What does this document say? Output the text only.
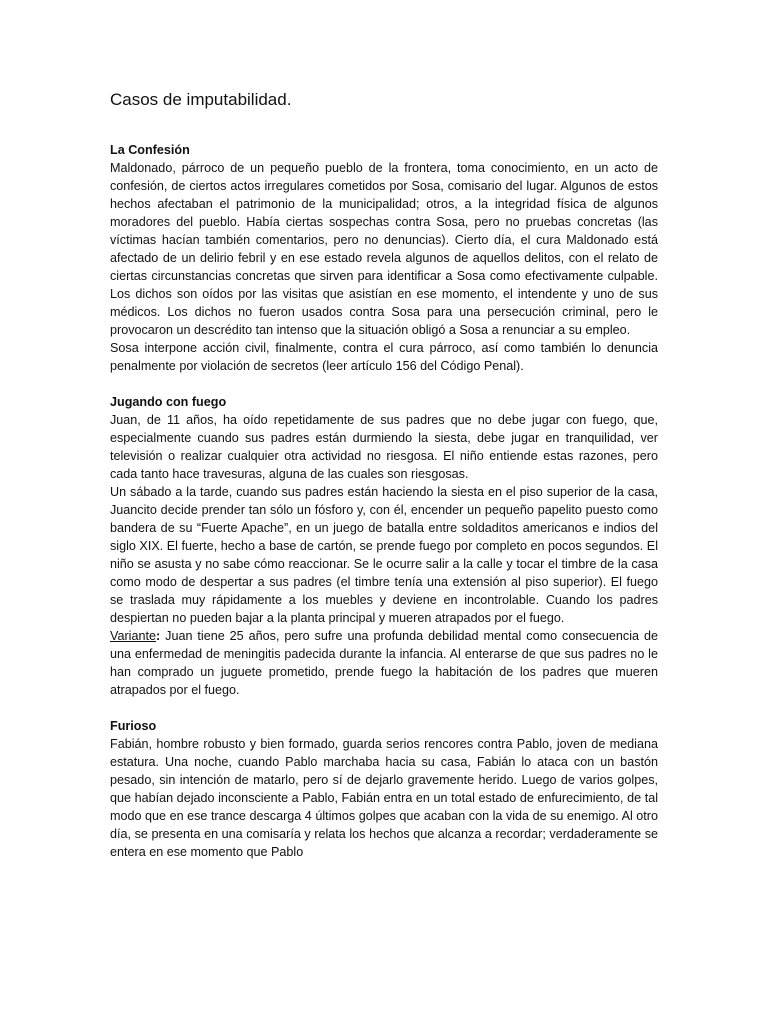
Casos de imputabilidad.

La Confesión

Maldonado, párroco de un pequeño pueblo de la frontera, toma conocimiento, en un acto de confesión, de ciertos actos irregulares cometidos por Sosa, comisario del lugar. Algunos de estos hechos afectaban el patrimonio de la municipalidad; otros, a la integridad física de algunos moradores del pueblo. Había ciertas sospechas contra Sosa, pero no pruebas concretas (las víctimas hacían también comentarios, pero no denuncias). Cierto día, el cura Maldonado está afectado de un delirio febril y en ese estado revela algunos de aquellos delitos, con el relato de ciertas circunstancias concretas que sirven para identificar a Sosa como efectivamente culpable. Los dichos son oídos por las visitas que asistían en ese momento, el intendente y uno de sus médicos. Los dichos no fueron usados contra Sosa para una persecución criminal, pero le provocaron un descrédito tan intenso que la situación obligó a Sosa a renunciar a su empleo.

Sosa interpone acción civil, finalmente, contra el cura párroco, así como también lo denuncia penalmente por violación de secretos (leer artículo 156 del Código Penal).

Jugando con fuego

Juan, de 11 años, ha oído repetidamente de sus padres que no debe jugar con fuego, que, especialmente cuando sus padres están durmiendo la siesta, debe jugar en tranquilidad, ver televisión o realizar cualquier otra actividad no riesgosa. El niño entiende estas razones, pero cada tanto hace travesuras, alguna de las cuales son riesgosas.

Un sábado a la tarde, cuando sus padres están haciendo la siesta en el piso superior de la casa, Juancito decide prender tan sólo un fósforo y, con él, encender un pequeño papelito puesto como bandera de su “Fuerte Apache”, en un juego de batalla entre soldaditos americanos e indios del siglo XIX. El fuerte, hecho a base de cartón, se prende fuego por completo en pocos segundos. El niño se asusta y no sabe cómo reaccionar. Se le ocurre salir a la calle y tocar el timbre de la casa como modo de despertar a sus padres (el timbre tenía una extensión al piso superior). El fuego se traslada muy rápidamente a los muebles y deviene en incontrolable. Cuando los padres despiertan no pueden bajar a la planta principal y mueren atrapados por el fuego.

Variante: Juan tiene 25 años, pero sufre una profunda debilidad mental como consecuencia de una enfermedad de meningitis padecida durante la infancia. Al enterarse de que sus padres no le han comprado un juguete prometido, prende fuego la habitación de los padres que mueren atrapados por el fuego.

Furioso

Fabián, hombre robusto y bien formado, guarda serios rencores contra Pablo, joven de mediana estatura. Una noche, cuando Pablo marchaba hacia su casa, Fabián lo ataca con un bastón pesado, sin intención de matarlo, pero sí de dejarlo gravemente herido. Luego de varios golpes, que habían dejado inconsciente a Pablo, Fabián entra en un total estado de enfurecimiento, de tal modo que en ese trance descarga 4 últimos golpes que acaban con la vida de su enemigo. Al otro día, se presenta en una comisaría y relata los hechos que alcanza a recordar; verdaderamente se entera en ese momento que Pablo
